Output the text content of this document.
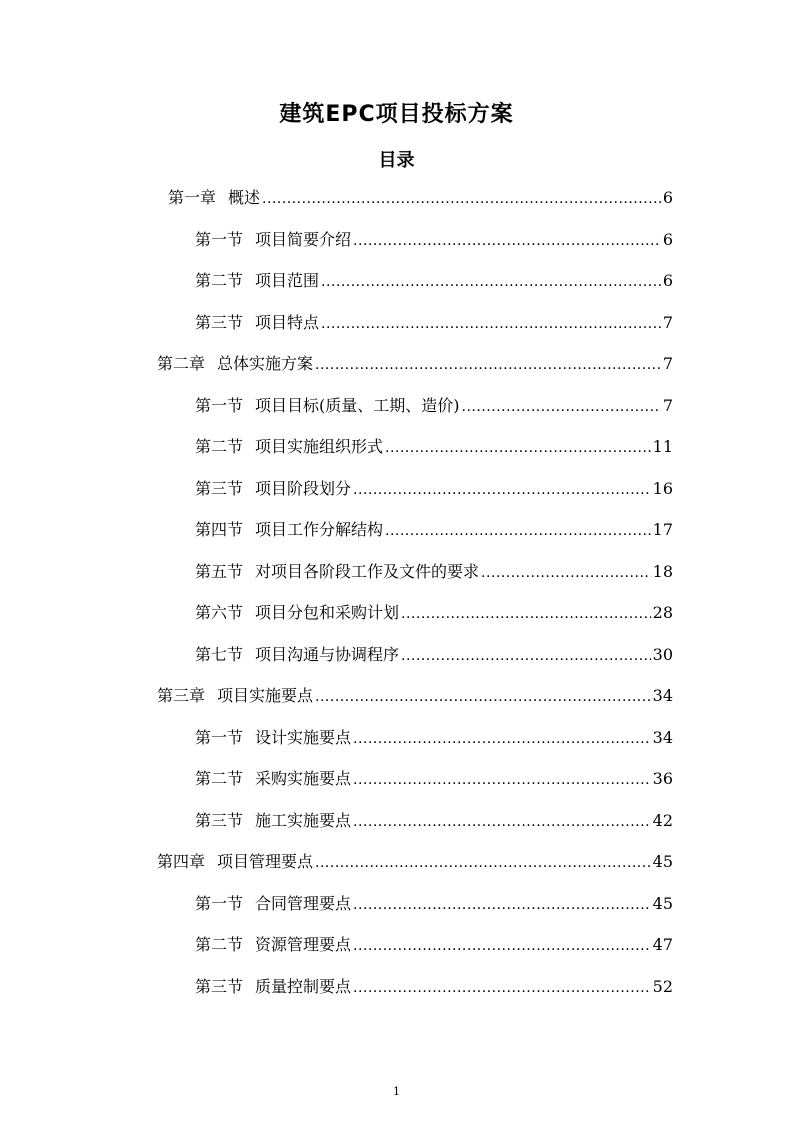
建筑EPC项目投标方案
目录
第一章 概述 .....	6
第一节 项目简要介绍 .....	6
第二节 项目范围 .....	6
第三节 项目特点 .....	7
第二章 总体实施方案 .....	7
第一节 项目目标(质量、工期、造价) .....	7
第二节 项目实施组织形式 .....	11
第三节 项目阶段划分 .....	16
第四节 项目工作分解结构 .....	17
第五节 对项目各阶段工作及文件的要求 .....	18
第六节 项目分包和采购计划 .....	28
第七节 项目沟通与协调程序 .....	30
第三章 项目实施要点 .....	34
第一节 设计实施要点 .....	34
第二节 采购实施要点 .....	36
第三节 施工实施要点 .....	42
第四章 项目管理要点 .....	45
第一节 合同管理要点 .....	45
第二节 资源管理要点 .....	47
第三节 质量控制要点 .....	52
1
